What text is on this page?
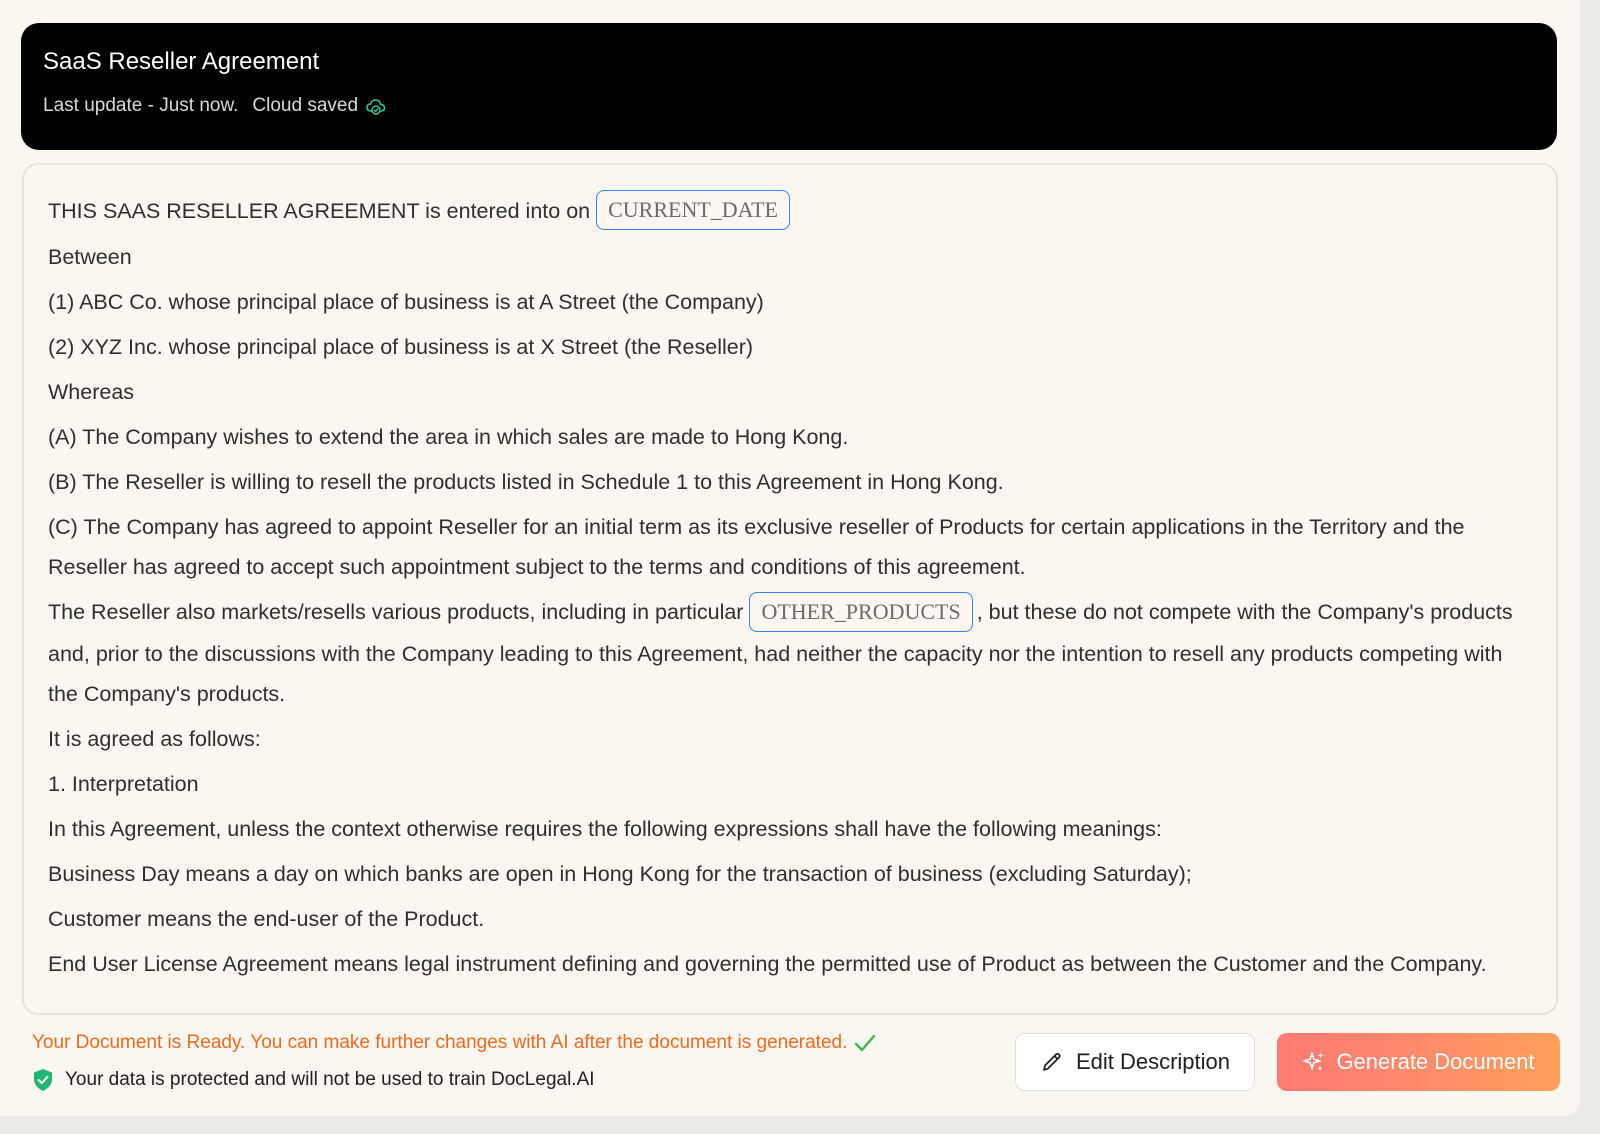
SaaS Reseller Agreement
Last update - Just now. Cloud saved

THIS SAAS RESELLER AGREEMENT is entered into on CURRENT_DATE

Between

(1) ABC Co. whose principal place of business is at A Street (the Company)

(2) XYZ Inc. whose principal place of business is at X Street (the Reseller)

Whereas

(A) The Company wishes to extend the area in which sales are made to Hong Kong.

(B) The Reseller is willing to resell the products listed in Schedule 1 to this Agreement in Hong Kong.

(C) The Company has agreed to appoint Reseller for an initial term as its exclusive reseller of Products for certain applications in the Territory and the Reseller has agreed to accept such appointment subject to the terms and conditions of this agreement.

The Reseller also markets/resells various products, including in particular OTHER_PRODUCTS , but these do not compete with the Company's products and, prior to the discussions with the Company leading to this Agreement, had neither the capacity nor the intention to resell any products competing with the Company's products.

It is agreed as follows:

1. Interpretation

In this Agreement, unless the context otherwise requires the following expressions shall have the following meanings:

Business Day means a day on which banks are open in Hong Kong for the transaction of business (excluding Saturday);

Customer means the end-user of the Product.

End User License Agreement means legal instrument defining and governing the permitted use of Product as between the Customer and the Company.

Your Document is Ready. You can make further changes with AI after the document is generated.
Your data is protected and will not be used to train DocLegal.AI
Edit Description	Generate Document
